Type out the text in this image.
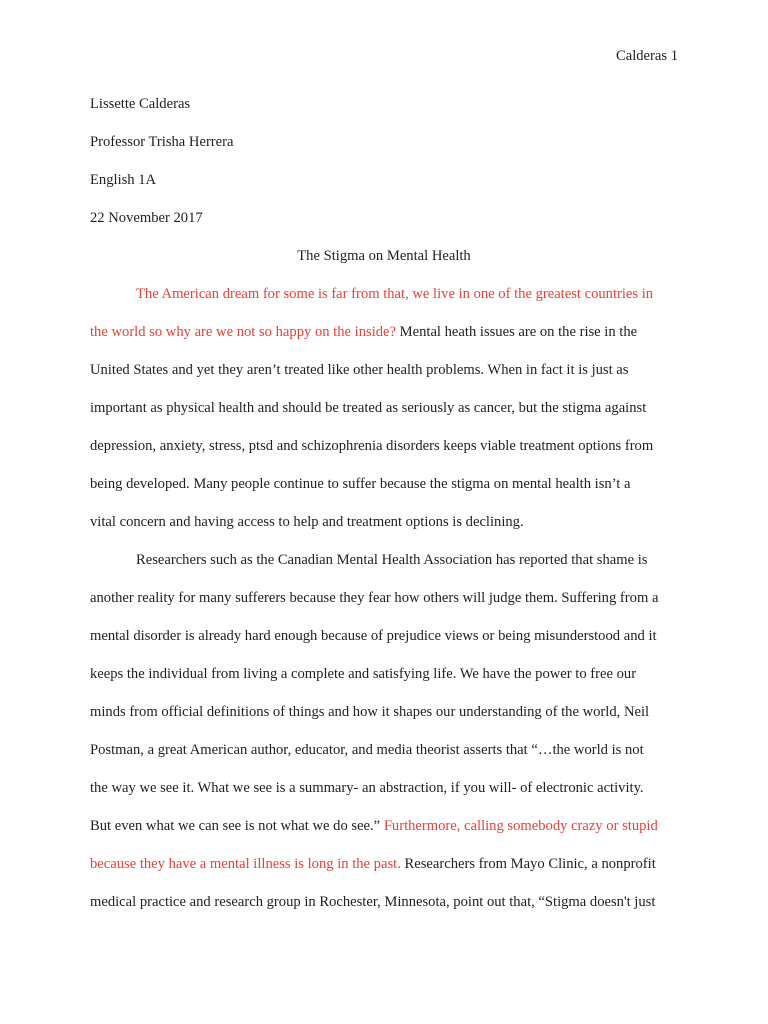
Calderas 1
Lissette Calderas
Professor Trisha Herrera
English 1A
22 November 2017
The Stigma on Mental Health
The American dream for some is far from that, we live in one of the greatest countries in
the world so why are we not so happy on the inside? Mental heath issues are on the rise in the
United States and yet they aren’t treated like other health problems. When in fact it is just as
important as physical health and should be treated as seriously as cancer, but the stigma against
depression, anxiety, stress, ptsd and schizophrenia disorders keeps viable treatment options from
being developed. Many people continue to suffer because the stigma on mental health isn’t a
vital concern and having access to help and treatment options is declining.
Researchers such as the Canadian Mental Health Association has reported that shame is
another reality for many sufferers because they fear how others will judge them. Suffering from a
mental disorder is already hard enough because of prejudice views or being misunderstood and it
keeps the individual from living a complete and satisfying life. We have the power to free our
minds from official definitions of things and how it shapes our understanding of the world, Neil
Postman, a great American author, educator, and media theorist asserts that “…the world is not
the way we see it. What we see is a summary- an abstraction, if you will- of electronic activity.
But even what we can see is not what we do see.” Furthermore, calling somebody crazy or stupid
because they have a mental illness is long in the past. Researchers from Mayo Clinic, a nonprofit
medical practice and research group in Rochester, Minnesota, point out that, “Stigma doesn't just
